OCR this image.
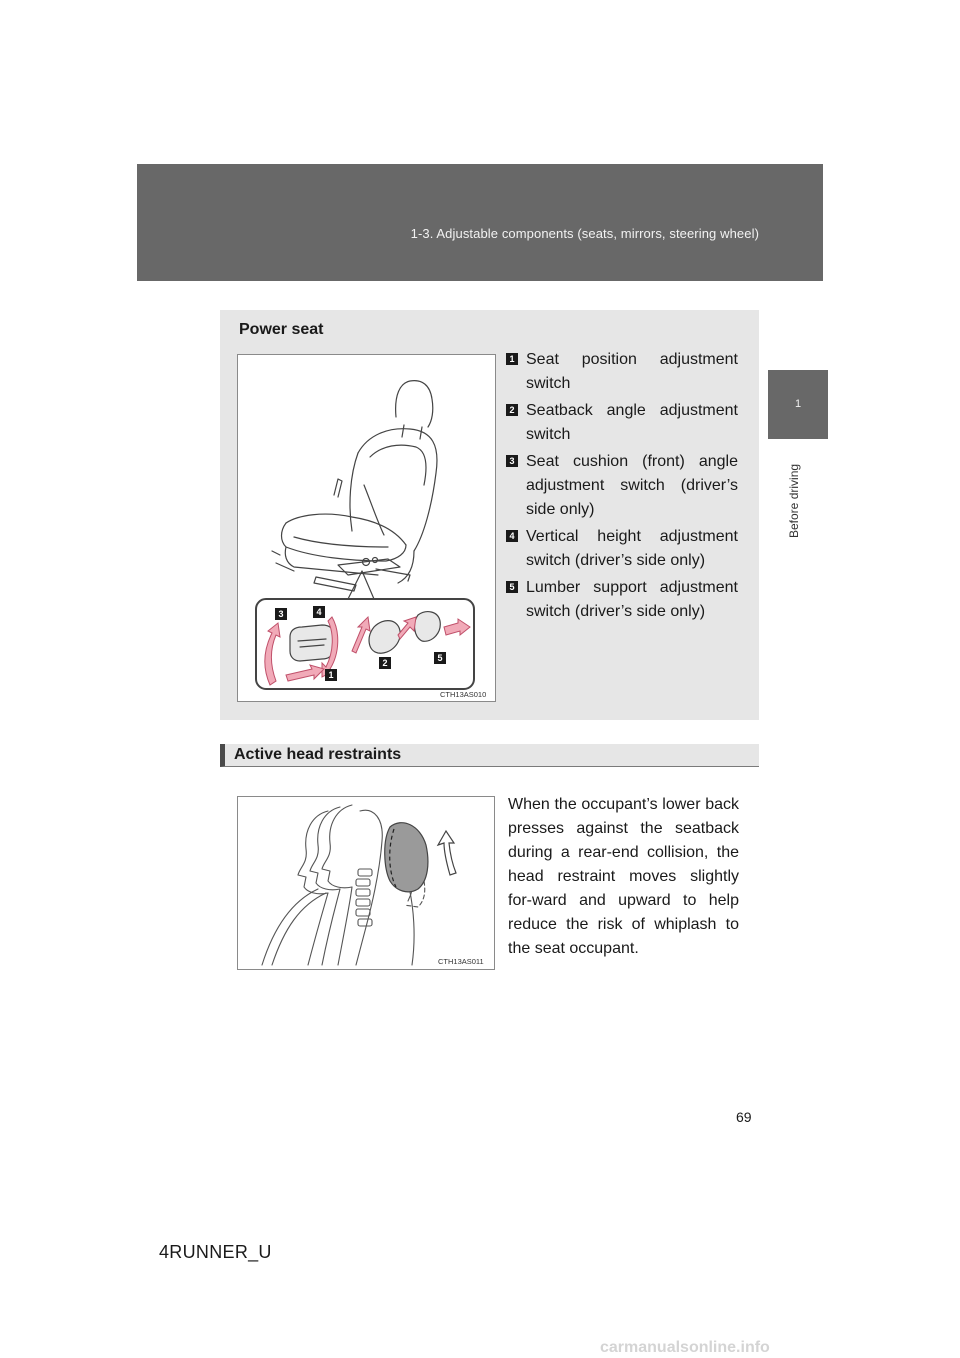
1-3. Adjustable components (seats, mirrors, steering wheel)
1
Before driving
Power seat
3	4
1
2	5
CTH13AS010
1 Seat position adjustment switch
2 Seatback angle adjustment switch
3 Seat cushion (front) angle adjustment switch (driver’s side only)
4 Vertical height adjustment switch (driver’s side only)
5 Lumber support adjustment switch (driver’s side only)
Active head restraints
CTH13AS011
When the occupant’s lower back presses against the seatback during a rear-end collision, the head restraint moves slightly for-ward and upward to help reduce the risk of whiplash to the seat occupant.
69
4RUNNER_U
carmanualsonline.info
